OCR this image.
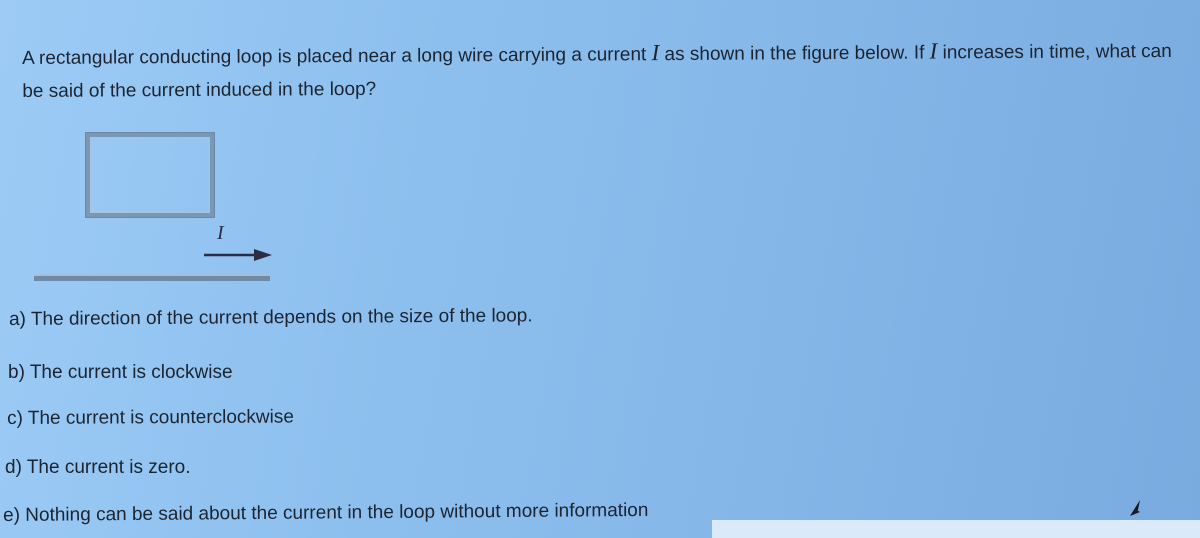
A rectangular conducting loop is placed near a long wire carrying a current I as shown in the figure below. If I increases in time, what can be said of the current induced in the loop?
I
a) The direction of the current depends on the size of the loop.
b) The current is clockwise
c) The current is counterclockwise
d) The current is zero.
e) Nothing can be said about the current in the loop without more information
